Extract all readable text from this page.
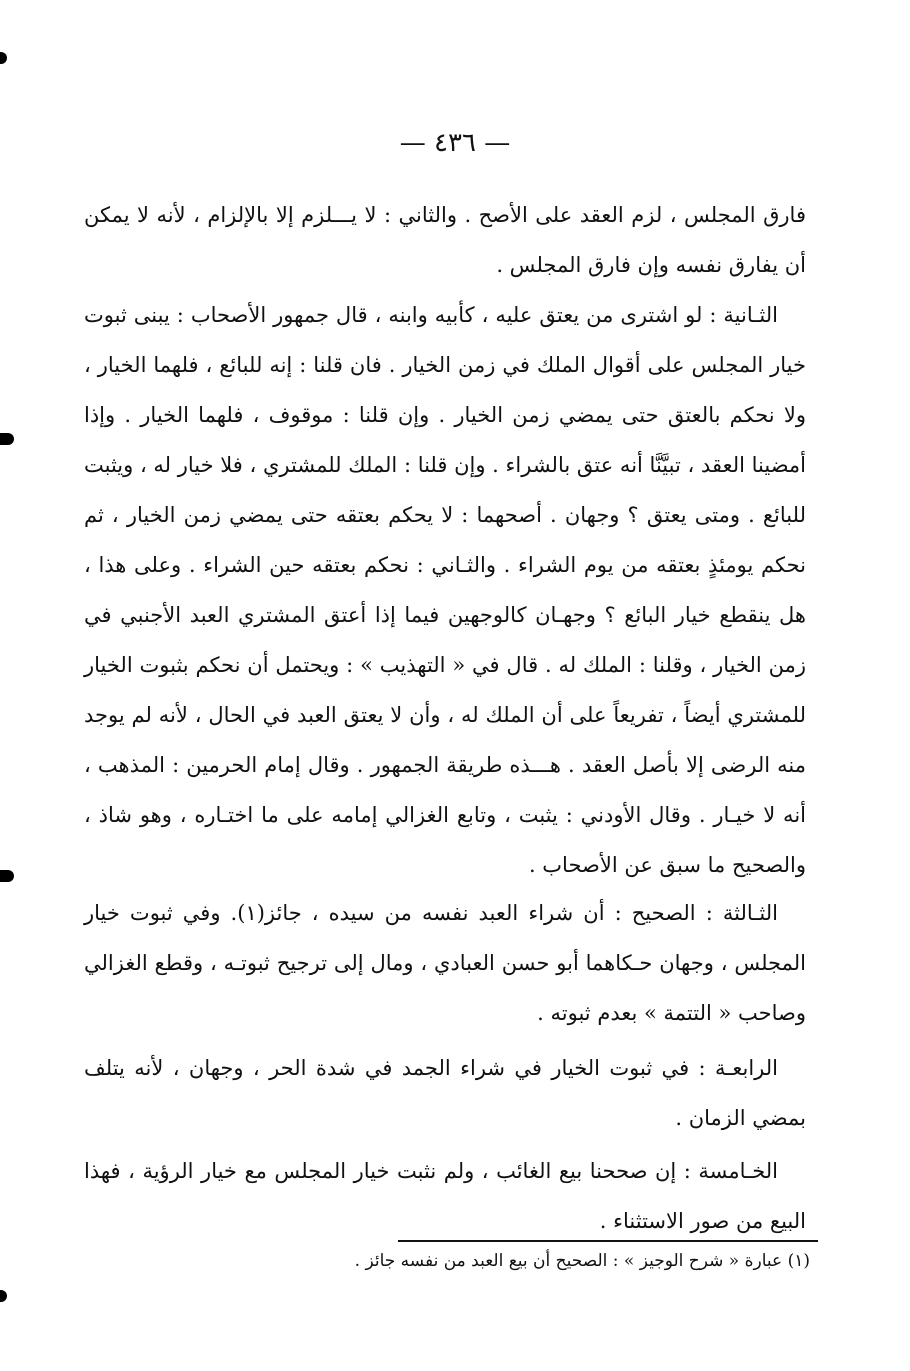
— ٤٣٦ —

فارق المجلس ، لزم العقد على الأصح . والثاني : لا يـــلزم إلا بالإلزام ، لأنه لا يمكن أن يفارق نفسه وإن فارق المجلس .

الثـانية : لو اشترى من يعتق عليه ، كأبيه وابنه ، قال جمهور الأصحاب : يبنى ثبوت خيار المجلس على أقوال الملك في زمن الخيار . فان قلنا : إنه للبائع ، فلهما الخيار ، ولا نحكم بالعتق حتى يمضي زمن الخيار . وإن قلنا : موقوف ، فلهما الخيار . وإذا أمضينا العقد ، تبيَّنَّا أنه عتق بالشراء . وإن قلنا : الملك للمشتري ، فلا خيار له ، ويثبت للبائع . ومتى يعتق ؟ وجهان . أصحهما : لا يحكم بعتقه حتى يمضي زمن الخيار ، ثم نحكم يومئذٍ بعتقه من يوم الشراء . والثـاني : نحكم بعتقه حين الشراء . وعلى هذا ، هل ينقطع خيار البائع ؟ وجهـان كالوجهين فيما إذا أعتق المشتري العبد الأجنبي في زمن الخيار ، وقلنا : الملك له . قال في « التهذيب » : ويحتمل أن نحكم بثبوت الخيار للمشتري أيضاً ، تفريعاً على أن الملك له ، وأن لا يعتق العبد في الحال ، لأنه لم يوجد منه الرضى إلا بأصل العقد . هـــذه طريقة الجمهور . وقال إمام الحرمين : المذهب ، أنه لا خيـار . وقال الأودني : يثبت ، وتابع الغزالي إمامه على ما اختـاره ، وهو شاذ ، والصحيح ما سبق عن الأصحاب .

الثـالثة : الصحيح : أن شراء العبد نفسه من سيده ، جائز(١). وفي ثبوت خيار المجلس ، وجهان حـكاهما أبو حسن العبادي ، ومال إلى ترجيح ثبوتـه ، وقطع الغزالي وصاحب « التتمة » بعدم ثبوته .

الرابعـة : في ثبوت الخيار في شراء الجمد في شدة الحر ، وجهان ، لأنه يتلف بمضي الزمان .

الخـامسة : إن صححنا بيع الغائب ، ولم نثبت خيار المجلس مع خيار الرؤية ، فهذا البيع من صور الاستثناء .

(١) عبارة « شرح الوجيز » : الصحيح أن بيع العبد من نفسه جائز .
